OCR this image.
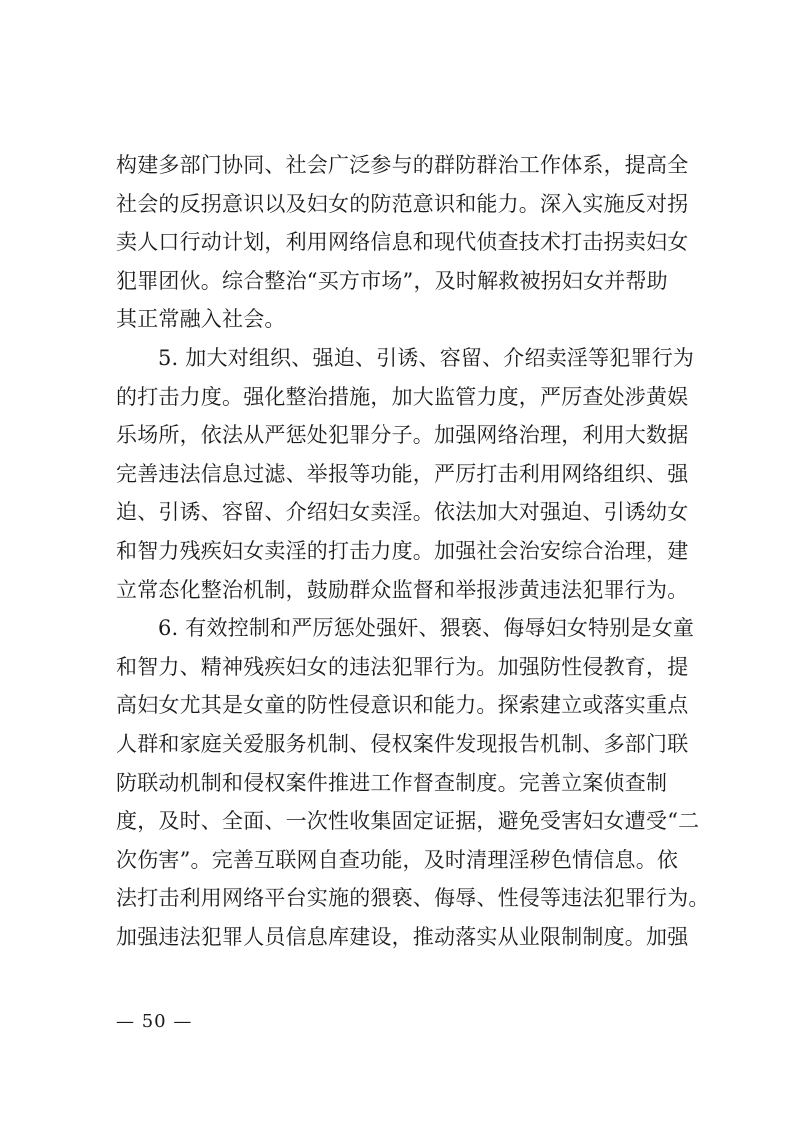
构建多部门协同、社会广泛参与的群防群治工作体系，提高全
社会的反拐意识以及妇女的防范意识和能力。深入实施反对拐
卖人口行动计划，利用网络信息和现代侦查技术打击拐卖妇女
犯罪团伙。综合整治“买方市场”，及时解救被拐妇女并帮助
其正常融入社会。
5. 加大对组织、强迫、引诱、容留、介绍卖淫等犯罪行为
的打击力度。强化整治措施，加大监管力度，严厉查处涉黄娱
乐场所，依法从严惩处犯罪分子。加强网络治理，利用大数据
完善违法信息过滤、举报等功能，严厉打击利用网络组织、强
迫、引诱、容留、介绍妇女卖淫。依法加大对强迫、引诱幼女
和智力残疾妇女卖淫的打击力度。加强社会治安综合治理，建
立常态化整治机制，鼓励群众监督和举报涉黄违法犯罪行为。
6. 有效控制和严厉惩处强奸、猥亵、侮辱妇女特别是女童
和智力、精神残疾妇女的违法犯罪行为。加强防性侵教育，提
高妇女尤其是女童的防性侵意识和能力。探索建立或落实重点
人群和家庭关爱服务机制、侵权案件发现报告机制、多部门联
防联动机制和侵权案件推进工作督查制度。完善立案侦查制
度，及时、全面、一次性收集固定证据，避免受害妇女遭受“二
次伤害”。完善互联网自查功能，及时清理淫秽色情信息。依
法打击利用网络平台实施的猥亵、侮辱、性侵等违法犯罪行为。
加强违法犯罪人员信息库建设，推动落实从业限制制度。加强
— 50 —
